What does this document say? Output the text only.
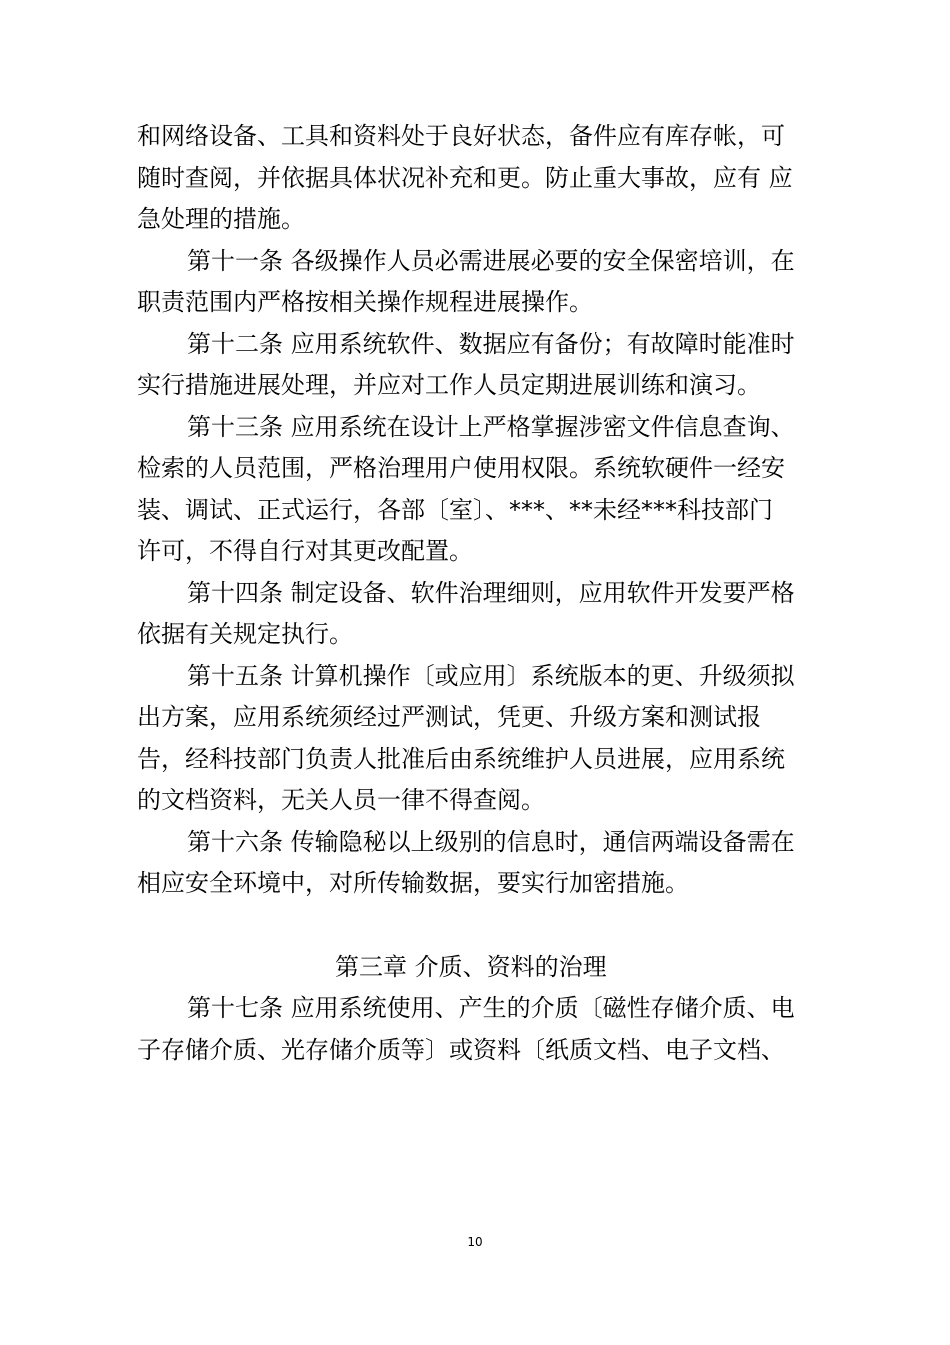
和网络设备、工具和资料处于良好状态，备件应有库存帐，可
随时查阅，并依据具体状况补充和更。防止重大事故，应有 应
急处理的措施。
第十一条 各级操作人员必需进展必要的安全保密培训，在
职责范围内严格按相关操作规程进展操作。
第十二条 应用系统软件、数据应有备份；有故障时能准时
实行措施进展处理，并应对工作人员定期进展训练和演习。
第十三条 应用系统在设计上严格掌握涉密文件信息查询、
检索的人员范围，严格治理用户使用权限。系统软硬件一经安
装、调试、正式运行，各部〔室〕、***、**未经***科技部门
许可，不得自行对其更改配置。
第十四条 制定设备、软件治理细则，应用软件开发要严格
依据有关规定执行。
第十五条 计算机操作〔或应用〕系统版本的更、升级须拟
出方案，应用系统须经过严测试，凭更、升级方案和测试报
告，经科技部门负责人批准后由系统维护人员进展，应用系统
的文档资料，无关人员一律不得查阅。
第十六条 传输隐秘以上级别的信息时，通信两端设备需在
相应安全环境中，对所传输数据，要实行加密措施。
第三章 介质、资料的治理
第十七条 应用系统使用、产生的介质〔磁性存储介质、电
子存储介质、光存储介质等〕或资料〔纸质文档、电子文档、
10
